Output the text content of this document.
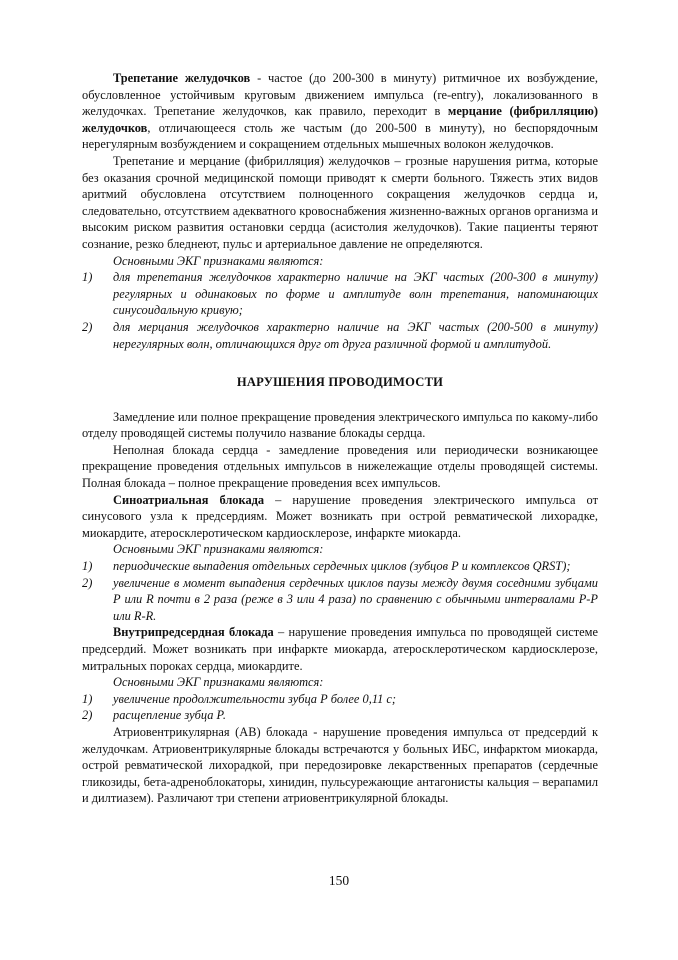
Трепетание желудочков - частое (до 200-300 в минуту) ритмичное их возбуждение, обусловленное устойчивым круговым движением импульса (re-entry), локализованного в желудочках. Трепетание желудочков, как правило, переходит в мерцание (фибрилляцию) желудочков, отличающееся столь же частым (до 200-500 в минуту), но беспорядочным нерегулярным возбуждением и сокращением отдельных мышечных волокон желудочков.

Трепетание и мерцание (фибрилляция) желудочков – грозные нарушения ритма, которые без оказания срочной медицинской помощи приводят к смерти больного. Тяжесть этих видов аритмий обусловлена отсутствием полноценного сокращения желудочков сердца и, следовательно, отсутствием адекватного кровоснабжения жизненно-важных органов организма и высоким риском развития остановки сердца (асистолия желудочков). Такие пациенты теряют сознание, резко бледнеют, пульс и артериальное давление не определяются.

Основными ЭКГ признаками являются:

1)	для трепетания желудочков характерно наличие на ЭКГ частых (200-300 в минуту) регулярных и одинаковых по форме и амплитуде волн трепетания, напоминающих синусоидальную кривую;
2)	для мерцания желудочков характерно наличие на ЭКГ частых (200-500 в минуту) нерегулярных волн, отличающихся друг от друга различной формой и амплитудой.
НАРУШЕНИЯ ПРОВОДИМОСТИ

Замедление или полное прекращение проведения электрического импульса по какому-либо отделу проводящей системы получило название блокады сердца.

Неполная блокада сердца - замедление проведения или периодически возникающее прекращение проведения отдельных импульсов в нижележащие отделы проводящей системы. Полная блокада – полное прекращение проведения всех импульсов.

Синоатриальная блокада – нарушение проведения электрического импульса от синусового узла к предсердиям. Может возникать при острой ревматической лихорадке, миокардите, атеросклеротическом кардиосклерозе, инфаркте миокарда.

Основными ЭКГ признаками являются:

1)	периодические выпадения отдельных сердечных циклов (зубцов Р и комплексов QRST);
2)	увеличение в момент выпадения сердечных циклов паузы между двумя соседними зубцами Р или R почти в 2 раза (реже в 3 или 4 раза) по сравнению с обычными интервалами Р-Р или R-R.

Внутрипредсердная блокада – нарушение проведения импульса по проводящей системе предсердий. Может возникать при инфаркте миокарда, атеросклеротическом кардиосклерозе, митральных пороках сердца, миокардите.

Основными ЭКГ признаками являются:

1)	увеличение продолжительности зубца Р более 0,11 с;
2)	расщепление зубца Р.

Атриовентрикулярная (АВ) блокада - нарушение проведения импульса от предсердий к желудочкам. Атриовентрикулярные блокады встречаются у больных ИБС, инфарктом миокарда, острой ревматической лихорадкой, при передозировке лекарственных препаратов (сердечные гликозиды, бета-адреноблокаторы, хинидин, пульсурежающие антагонисты кальция – верапамил и дилтиазем). Различают три степени атриовентрикулярной блокады.

150
